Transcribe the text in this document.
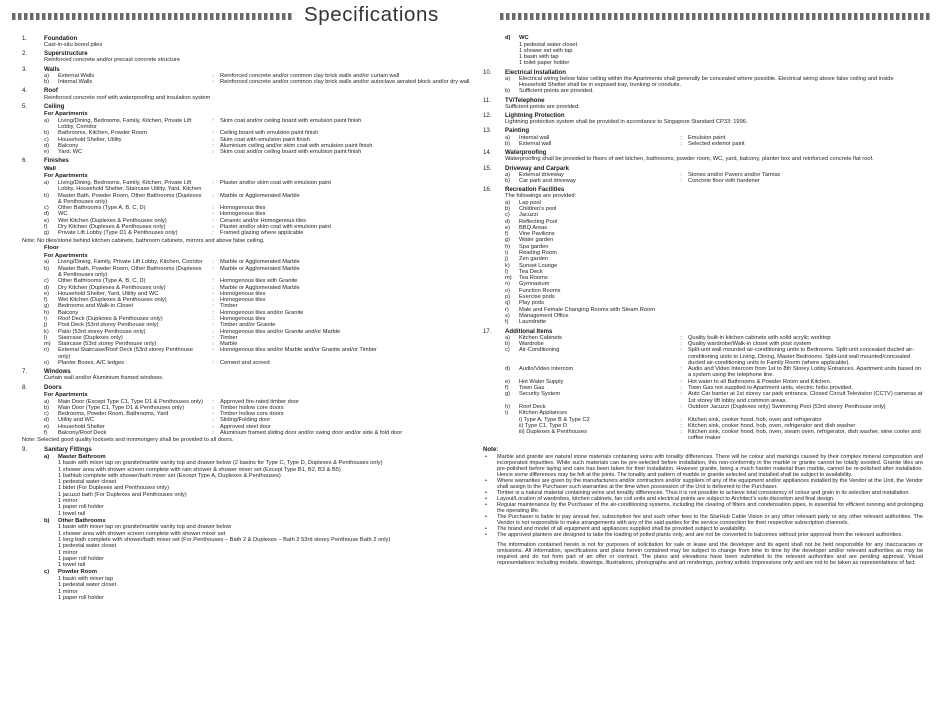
Specifications
1.	Foundation
Cast-in-situ bored piles
2.	Superstructure
Reinforced concrete and/or precast concrete structure
3.	Walls
a)	External Walls	:	Reinforced concrete and/or common clay brick walls and/or curtain wall
b)	Internal Walls	:	Reinforced concrete and/or common clay brick walls and/or autoclave aerated block and/or dry wall
4.	Roof
Reinforced concrete roof with waterproofing and insulation system
5.	Ceiling
For Apartments
a)	Living/Dining, Bedrooms, Family, Kitchen, Private Lift Lobby, Corridor
:	Skim coat and/or ceiling board with emulsion paint finish
b)	Bathrooms, Kitchen, Powder Room	:	Ceiling board with emulsion paint finish
c)	Household Shelter, Utility	:	Skim coat with emulsion paint finish
d)	Balcony	:	Aluminium ceiling and/or skim coat with emulsion paint finish
e)	Yard, WC	:	Skim coat and/or ceiling board with emulsion paint finish
6.	Finishes
Wall
For Apartments
a)	Living/Dining, Bedrooms, Family, Kitchen, Private Lift Lobby, Household Shelter, Staircase Utility, Yard, Kitchen
:	Plaster and/or skim coat with emulsion paint
b)	Master Bath, Powder Room, Other Bathrooms (Duplexes & Penthouses only)
:	Marble or Agglomerated Marble
c)	Other Bathrooms (Type A, B, C, D)	:	Homogenous tiles
d)	WC	:	Homogenous tiles
e)	Wet Kitchen (Duplexes & Penthouses only)	:	Ceramic and/or Homogenous tiles
f)	Dry Kitchen (Duplexes & Penthouses only)	:	Plaster and/or skim coat with emulsion paint
g)	Private Lift Lobby (Type D1 & Penthouses only)	:	Framed glazing where applicable
Note: No tiles/stone behind kitchen cabinets, bathroom cabinets, mirrors and above false ceiling.
Floor
For Apartments
a)	Living/Dining, Family, Private Lift Lobby, Kitchen, Corridor	:	Marble or Agglomerated Marble
b)	Master Bath, Powder Room, Other Bathrooms (Duplexes & Penthouses only)
:	Marble or Agglomerated Marble
c)	Other Bathrooms (Type A, B, C, D)	:	Homogenous tiles with Granite
d)	Dry Kitchen (Duplexes & Penthouses only)	:	Marble or Agglomerated Marble
e)	Household Shelter, Yard, Utility and WC	:	Homogenous tiles
f)	Wet Kitchen (Duplexes & Penthouses only)	:	Homogenous tiles
g)	Bedrooms and Walk-in Closet	:	Timber
h)	Balcony	:	Homogenous tiles and/or Granite
i)	Roof Deck (Duplexes & Penthouses only)	:	Homogenous tiles
j)	Pool Deck (53rd storey Penthouse only)	:	Timber and/or Granite
k)	Patio (53rd storey Penthouse only)	:	Homogenous tiles and/or Granite and/or Marble
l)	Staircase (Duplexes only)	:	Timber
m)	Staircase (53rd storey Penthouse only)	:	Marble
n)	External Staircase/Roof Deck (53rd storey Penthouse only)
:	Homogenous tiles and/or Marble and/or Granite and/or Timber
o)	Planter Boxes, A/C ledges	:	Cement and screed
7.	Windows
Curtain wall and/or Aluminium framed windows.
8.	Doors
For Apartments
a)	Main Door (Except Type C1, Type D1 & Penthouses only)	:	Approved fire-rated timber door
b)	Main Door (Type C1, Type D1 & Penthouses only)	:	Timber hollow core doors
c)	Bedrooms, Powder Room, Bathrooms, Yard	:	Timber hollow core doors
d)	Utility and WC	:	Sliding/Folding door
e)	Household Shelter	:	Approved steel door
f)	Balcony/Roof Deck	:	Aluminium framed sliding door and/or swing door and/or side & fold door
Note: Selected good quality locksets and ironmongery shall be provided to all doors.
9.	Sanitary Fittings
a)	Master Bathroom
1 basin with mixer tap on granite/marble vanity top and drawer below (2 basins for Type C, Type D, Duplexes & Penthouses only)
1 shower area with shower screen complete with rain shower & shower mixer set (Except Type B1, B2, B3 & B5)
1 bathtub complete with shower/bath mixer set (Except Type A, Duplexes & Penthouses)
1 pedestal water closet
1 bidet (For Duplexes and Penthouses only)
1 jacuzzi bath (For Duplexes and Penthouses only)
1 mirror
1 paper roll holder
1 towel rail
b)	Other Bathrooms
1 basin with mixer tap on granite/marble vanity top and drawer below
1 shower area with shower screen complete with shower mixer set
1 long bath complete with shower/bath mixer set (For Penthouses – Bath 2 & Duplexes – Bath 2 53rd storey Penthouse Bath 2 only)
1 pedestal water closet
1 mirror
1 paper roll holder
1 towel rail
c)	Powder Room
1 basin with mixer tap
1 pedestal water closet
1 mirror
1 paper roll holder
d)	WC
1 pedestal water closet
1 shower set with tap
1 basin with tap
1 toilet paper holder
10. Electrical Installation
a)	Electrical wiring below false ceiling within the Apartments shall generally be concealed where possible. Electrical wiring above false ceiling and inside Household Shelter shall be in exposed tray, trunking or conduits.
b)	Sufficient points are provided.
11. TV/Telephone
Sufficient points are provided.
12. Lightning Protection
Lightning protection system shall be provided in accordance to Singapore Standard CP33: 1996.
13. Painting
a)	Internal wall	:	Emulsion paint
b)	External wall	:	Selected exterior paint
14. Waterproofing
Waterproofing shall be provided to floors of wet kitchen, bathrooms, powder room, WC, yard, balcony, planter box and reinforced concrete flat roof.
15. Driveway and Carpark
a)	External driveway	:	Stones and/or Pavers and/or Tarmac
b)	Car park and driveway	:	Concrete floor with hardener
16. Recreation Facilities
The followings are provided:
a)	Lap pool
b)	Children's pool
c)	Jacuzzi
d)	Reflecting Pool
e)	BBQ Areas
f)	Vine Pavilions
g)	Water garden
h)	Spa garden
i)	Reading Room
j)	Zen garden
k)	Sunset Lounge
l)	Tea Deck
m)	Tea Rooms
n)	Gymnasium
o)	Function Rooms
p)	Exercise pods
q)	Play pods
r)	Male and Female Changing Rooms with Steam Room
s)	Management Office
t)	Laundrette
17. Additional Items
a)	Kitchen Cabinets	:	Quality built-in kitchen cabinets with solid acrylic worktop
b)	Wardrobe	:	Quality wardrobe/Walk-in closet with post system
c)	Air-Conditioning	:	Split-unit wall mounted air-conditioning units to Bedrooms. Split-unit concealed ducted air-conditioning units to Living, Dining, Master Bedrooms. Split-unit wall mounted/concealed ducted air-conditioning units to Family Room (where applicable).
d)	Audio/Video Intercom	:	Audio and Video Intercom from 1st to 8th Storey Lobby Entrances. Apartment units based on a system using the telephone line.
e)	Hot Water Supply	:	Hot water to all Bathrooms & Powder Room and Kitchen.
f)	Town Gas	:	Town Gas not supplied to Apartment units, electric hobs provided.
g)	Security System	:	Auto Car barrier at 1st storey car park entrance. Closed Circuit Television (CCTV) cameras at 1st storey lift lobby and common areas.
h)	Roof Deck	:	Outdoor Jacuzzi (Duplexes only) Swimming Pool (53rd storey Penthouse only)
i)	Kitchen Appliances
i) Type A, Type B & Type C2	:	Kitchen sink, cooker hood, hob, oven and refrigerator
ii) Type C1, Type D	:	Kitchen sink, cooker hood, hob, oven, refrigerator and dish washer
iii) Duplexes & Penthouses	:	Kitchen sink, cooker hood, hob, oven, steam oven, refrigerator, dish washer, wine cooler and coffee maker
Note:
•	Marble and granite are natural stone materials containing veins with tonality differences. There will be colour and markings caused by their complex mineral composition and incorporated impurities. While such materials can be pre-selected before installation, this non-conformity in the marble or granite cannot be totally avoided. Granite tiles are pre-polished before laying and care has been taken for their installation. However granite, being a much harder material than marble, cannot be re-polished after installation. Hence some differences may be felt at the joints. The tonality and pattern of marble or granite selected and installed shall be subject to availability.
•	Where warranties are given by the manufacturers and/or contractors and/or suppliers of any of the equipment and/or appliances installed by the Vendor at the Unit, the Vendor shall assign to the Purchaser such warranties at the time when possession of the Unit is delivered to the Purchaser.
•	Timber is a natural material containing veins and tonality differences. Thus it is not possible to achieve total consistency of colour and grain in its selection and installation.
•	Layout/Location of wardrobes, kitchen cabinets, fan coil units and electrical points are subject to Architect's sole discretion and final design.
•	Regular maintenance by the Purchaser of the air-conditioning systems, including the clearing of filters and condensation pipes, is essential for efficient running and prolonging the operating life.
•	The Purchaser is liable to pay annual fee, subscription fee and such other fees to the StarHub Cable Vision or any other relevant party or any other relevant authorities. The Vendor is not responsible to make arrangements with any of the said parties for the service connection for their respective subscription channels.
•	The brand and model of all equipment and appliances supplied shall be provided subject to availability.
•	The approved planters are designed to take the loading of potted plants only, and are not be converted to balconies without prior approval from the relevant authorities.
The information contained herein is not for purposes of solicitation for sale or lease and the developer and its agent shall not be held responsible for any inaccuracies or omissions. All information, specifications and plans herein contained may be subject to change from time to time by the developer and/or relevant authorities as may be required and do not form part of an offer or contract. The plans and elevations have been submitted to the relevant authorities and are pending approval. Visual representations including models, drawings, illustrations, photographs and art renderings, portray artistic impressions only and are not to be taken as representations of fact.
